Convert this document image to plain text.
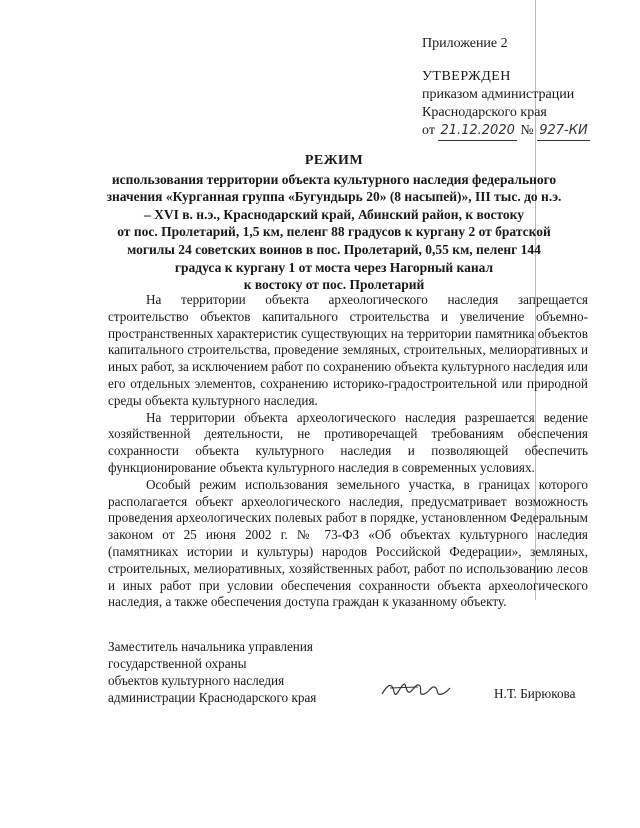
Приложение 2
УТВЕРЖДЕН
приказом администрации
Краснодарского края
от 21.12.2020 № 927-КИ
РЕЖИМ
использования территории объекта культурного наследия федерального
значения «Курганная группа «Бугундырь 20» (8 насыпей)», III тыс. до н.э.
– XVI в. н.э., Краснодарский край, Абинский район, к востоку
от пос. Пролетарий, 1,5 км, пеленг 88 градусов к кургану 2 от братской
могилы 24 советских воинов в пос. Пролетарий, 0,55 км, пеленг 144
градуса к кургану 1 от моста через Нагорный канал
к востоку от пос. Пролетарий

На территории объекта археологического наследия запрещается строительство объектов капитального строительства и увеличение объемно-пространственных характеристик существующих на территории памятника объектов капитального строительства, проведение земляных, строительных, мелиоративных и иных работ, за исключением работ по сохранению объекта культурного наследия или его отдельных элементов, сохранению историко-градостроительной или природной среды объекта культурного наследия.

На территории объекта археологического наследия разрешается ведение хозяйственной деятельности, не противоречащей требованиям обеспечения сохранности объекта культурного наследия и позволяющей обеспечить функционирование объекта культурного наследия в современных условиях.

Особый режим использования земельного участка, в границах которого располагается объект археологического наследия, предусматривает возможность проведения археологических полевых работ в порядке, установленном Федеральным законом от 25 июня 2002 г. № 73-ФЗ «Об объектах культурного наследия (памятниках истории и культуры) народов Российской Федерации», земляных, строительных, мелиоративных, хозяйственных работ, работ по использованию лесов и иных работ при условии обеспечения сохранности объекта археологического наследия, а также обеспечения доступа граждан к указанному объекту.

Заместитель начальника управления
государственной охраны
объектов культурного наследия
администрации Краснодарского края	Н.Т. Бирюкова
